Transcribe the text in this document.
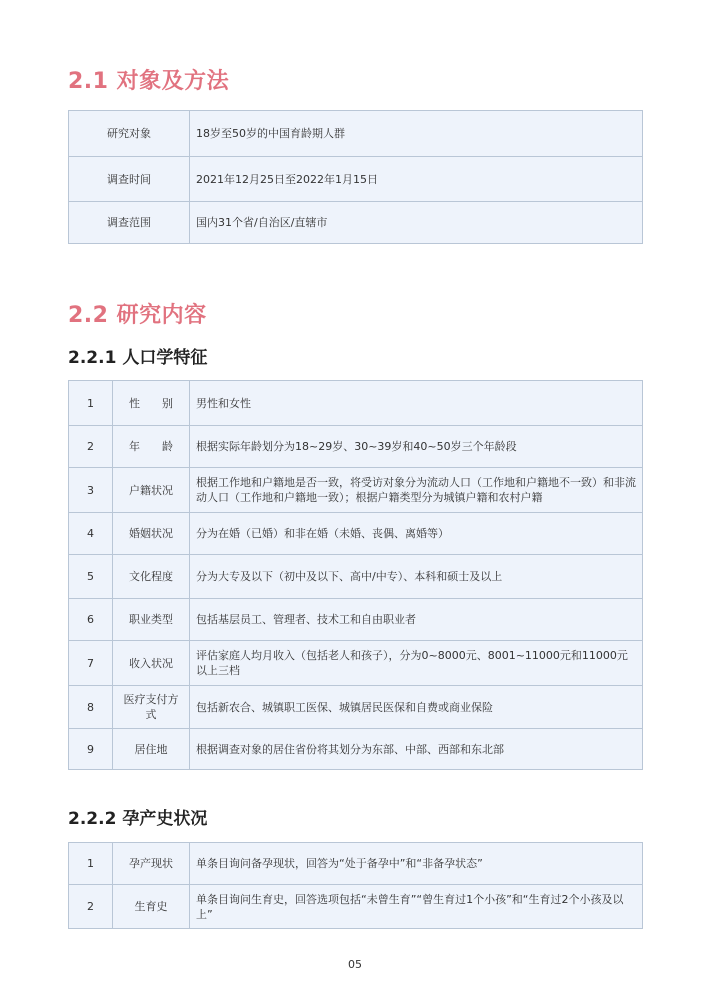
2.1 对象及方法
研究对象	18岁至50岁的中国育龄期人群
调查时间	2021年12月25日至2022年1月15日
调查范围	国内31个省/自治区/直辖市
2.2 研究内容
2.2.1 人口学特征
1	性　　别	男性和女性
2	年　　龄	根据实际年龄划分为18~29岁、30~39岁和40~50岁三个年龄段
3	户籍状况	根据工作地和户籍地是否一致，将受访对象分为流动人口（工作地和户籍地不一致）和非流动人口（工作地和户籍地一致）；根据户籍类型分为城镇户籍和农村户籍
4	婚姻状况	分为在婚（已婚）和非在婚（未婚、丧偶、离婚等）
5	文化程度	分为大专及以下（初中及以下、高中/中专）、本科和硕士及以上
6	职业类型	包括基层员工、管理者、技术工和自由职业者
7	收入状况	评估家庭人均月收入（包括老人和孩子），分为0~8000元、8001~11000元和11000元以上三档
8	医疗支付方式	包括新农合、城镇职工医保、城镇居民医保和自费或商业保险
9	居住地	根据调查对象的居住省份将其划分为东部、中部、西部和东北部
2.2.2 孕产史状况
1	孕产现状	单条目询问备孕现状，回答为“处于备孕中”和“非备孕状态”
2	生育史	单条目询问生育史，回答选项包括“未曾生育”“曾生育过1个小孩”和“生育过2个小孩及以上”
05
